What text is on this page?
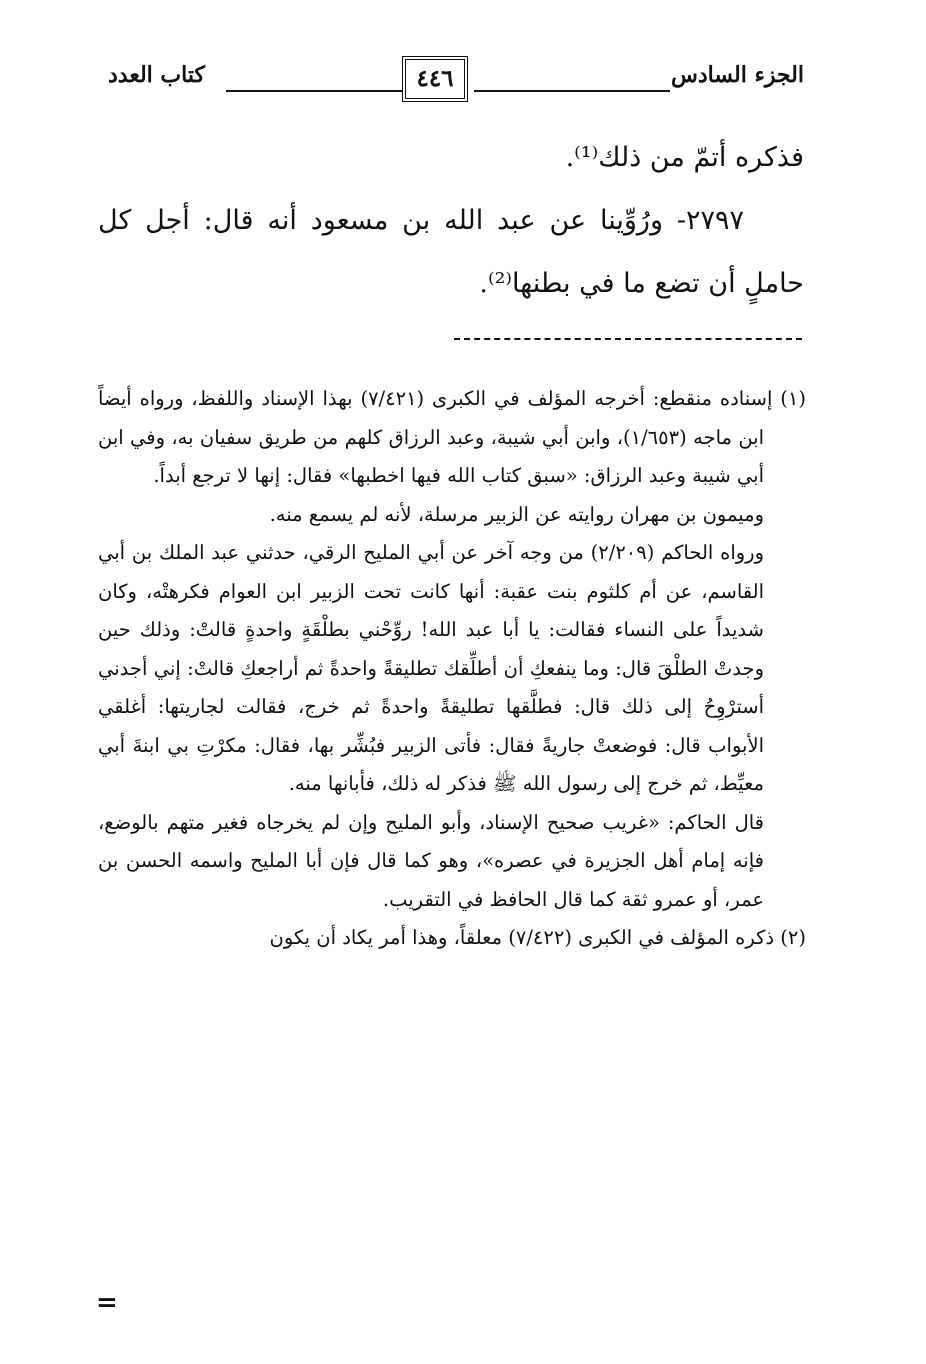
الجزء السادس
٤٤٦
كتاب العدد

فذكره أتمّ من ذلك⁽¹⁾.

٢٧٩٧- ورُوِّينا عن عبد الله بن مسعود أنه قال: أجل كل حاملٍ أن تضع ما في بطنها⁽²⁾.

(١) إسناده منقطع: أخرجه المؤلف في الكبرى (٧/٤٢١) بهذا الإسناد واللفظ، ورواه أيضاً ابن ماجه (١/٦٥٣)، وابن أبي شيبة، وعبد الرزاق كلهم من طريق سفيان به، وفي ابن أبي شيبة وعبد الرزاق: «سبق كتاب الله فيها اخطبها» فقال: إنها لا ترجع أبداً.

وميمون بن مهران روايته عن الزبير مرسلة، لأنه لم يسمع منه.

ورواه الحاكم (٢/٢٠٩) من وجه آخر عن أبي المليح الرقي، حدثني عبد الملك بن أبي القاسم، عن أم كلثوم بنت عقبة: أنها كانت تحت الزبير ابن العوام فكرهتْه، وكان شديداً على النساء فقالت: يا أبا عبد الله! روِّحْني بطلْقَةٍ واحدةٍ قالتْ: وذلك حين وجدتْ الطلْقَ قال: وما ينفعكِ أن أطلِّقك تطليقةً واحدةً ثم أراجعكِ قالتْ: إني أجدني أسترْوِحُ إلى ذلك قال: فطلَّقها تطليقةً واحدةً ثم خرج، فقالت لجاريتها: أغلقي الأبواب قال: فوضعتْ جاريةً فقال: فأتى الزبير فبُشِّر بها، فقال: مكرْتِ بي ابنةَ أبي معيِّط، ثم خرج إلى رسول الله ﷺ فذكر له ذلك، فأبانها منه.

قال الحاكم: «غريب صحيح الإسناد، وأبو المليح وإن لم يخرجاه فغير متهم بالوضع، فإنه إمام أهل الجزيرة في عصره»، وهو كما قال فإن أبا المليح واسمه الحسن بن عمر، أو عمرو ثقة كما قال الحافظ في التقريب.

(٢) ذكره المؤلف في الكبرى (٧/٤٢٢) معلقاً، وهذا أمر يكاد أن يكون

=
